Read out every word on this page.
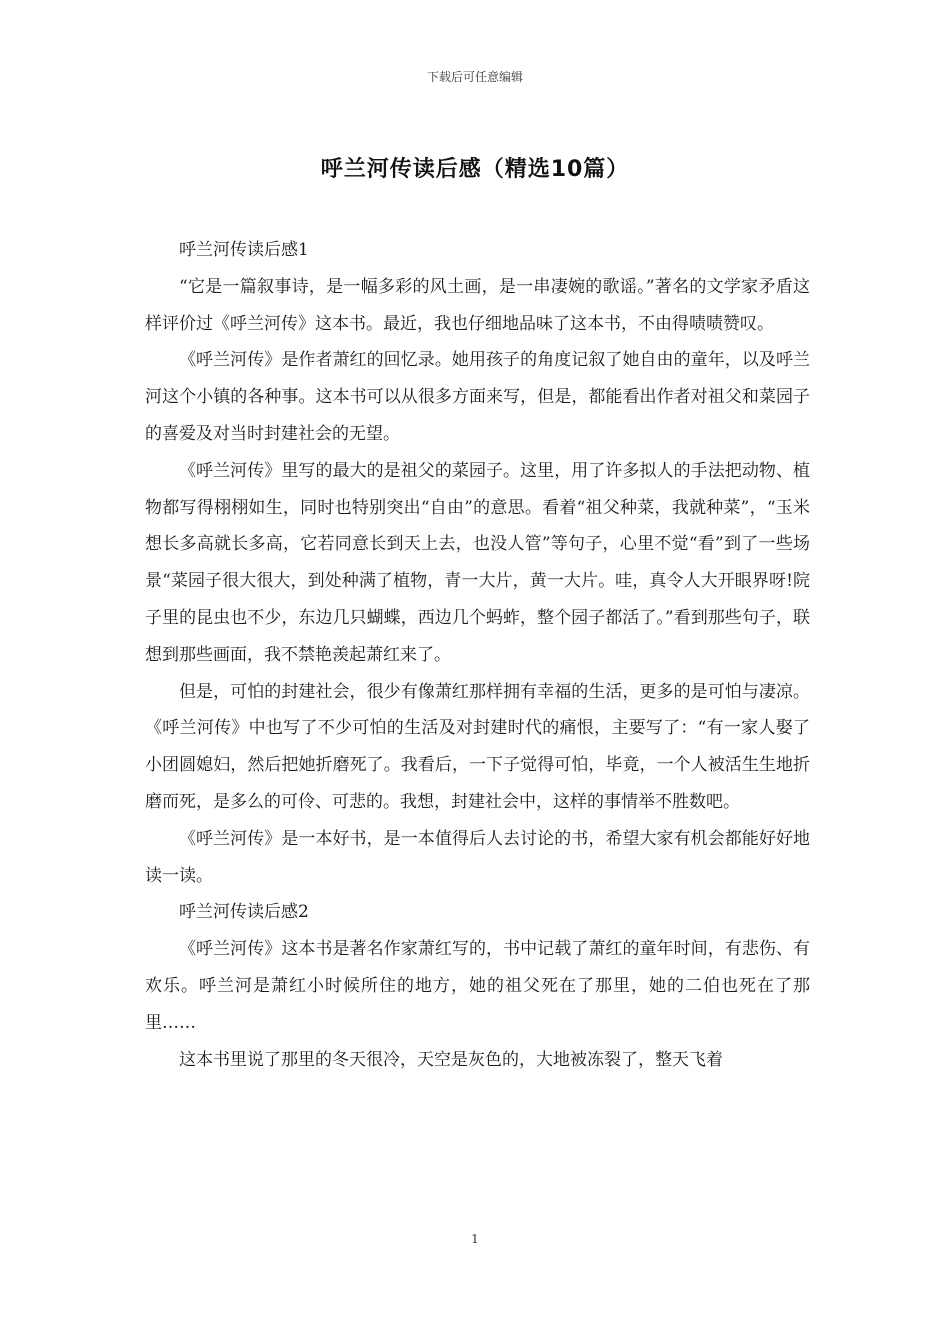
下载后可任意编辑
呼兰河传读后感（精选10篇）

呼兰河传读后感1

“它是一篇叙事诗，是一幅多彩的风土画，是一串凄婉的歌谣。”著名的文学家矛盾这样评价过《呼兰河传》这本书。最近，我也仔细地品味了这本书，不由得啧啧赞叹。

《呼兰河传》是作者萧红的回忆录。她用孩子的角度记叙了她自由的童年，以及呼兰河这个小镇的各种事。这本书可以从很多方面来写，但是，都能看出作者对祖父和菜园子的喜爱及对当时封建社会的无望。

《呼兰河传》里写的最大的是祖父的菜园子。这里，用了许多拟人的手法把动物、植物都写得栩栩如生，同时也特别突出“自由”的意思。看着“祖父种菜，我就种菜”，“玉米想长多高就长多高，它若同意长到天上去，也没人管”等句子，心里不觉“看”到了一些场景“菜园子很大很大，到处种满了植物，青一大片，黄一大片。哇，真令人大开眼界呀!院子里的昆虫也不少，东边几只蝴蝶，西边几个蚂蚱，整个园子都活了。”看到那些句子，联想到那些画面，我不禁艳羡起萧红来了。

但是，可怕的封建社会，很少有像萧红那样拥有幸福的生活，更多的是可怕与凄凉。《呼兰河传》中也写了不少可怕的生活及对封建时代的痛恨，主要写了：“有一家人娶了小团圆媳妇，然后把她折磨死了。我看后，一下子觉得可怕，毕竟，一个人被活生生地折磨而死，是多么的可伶、可悲的。我想，封建社会中，这样的事情举不胜数吧。

《呼兰河传》是一本好书，是一本值得后人去讨论的书，希望大家有机会都能好好地读一读。

呼兰河传读后感2

《呼兰河传》这本书是著名作家萧红写的，书中记载了萧红的童年时间，有悲伤、有欢乐。呼兰河是萧红小时候所住的地方，她的祖父死在了那里，她的二伯也死在了那里……

这本书里说了那里的冬天很冷，天空是灰色的，大地被冻裂了，整天飞着

1
